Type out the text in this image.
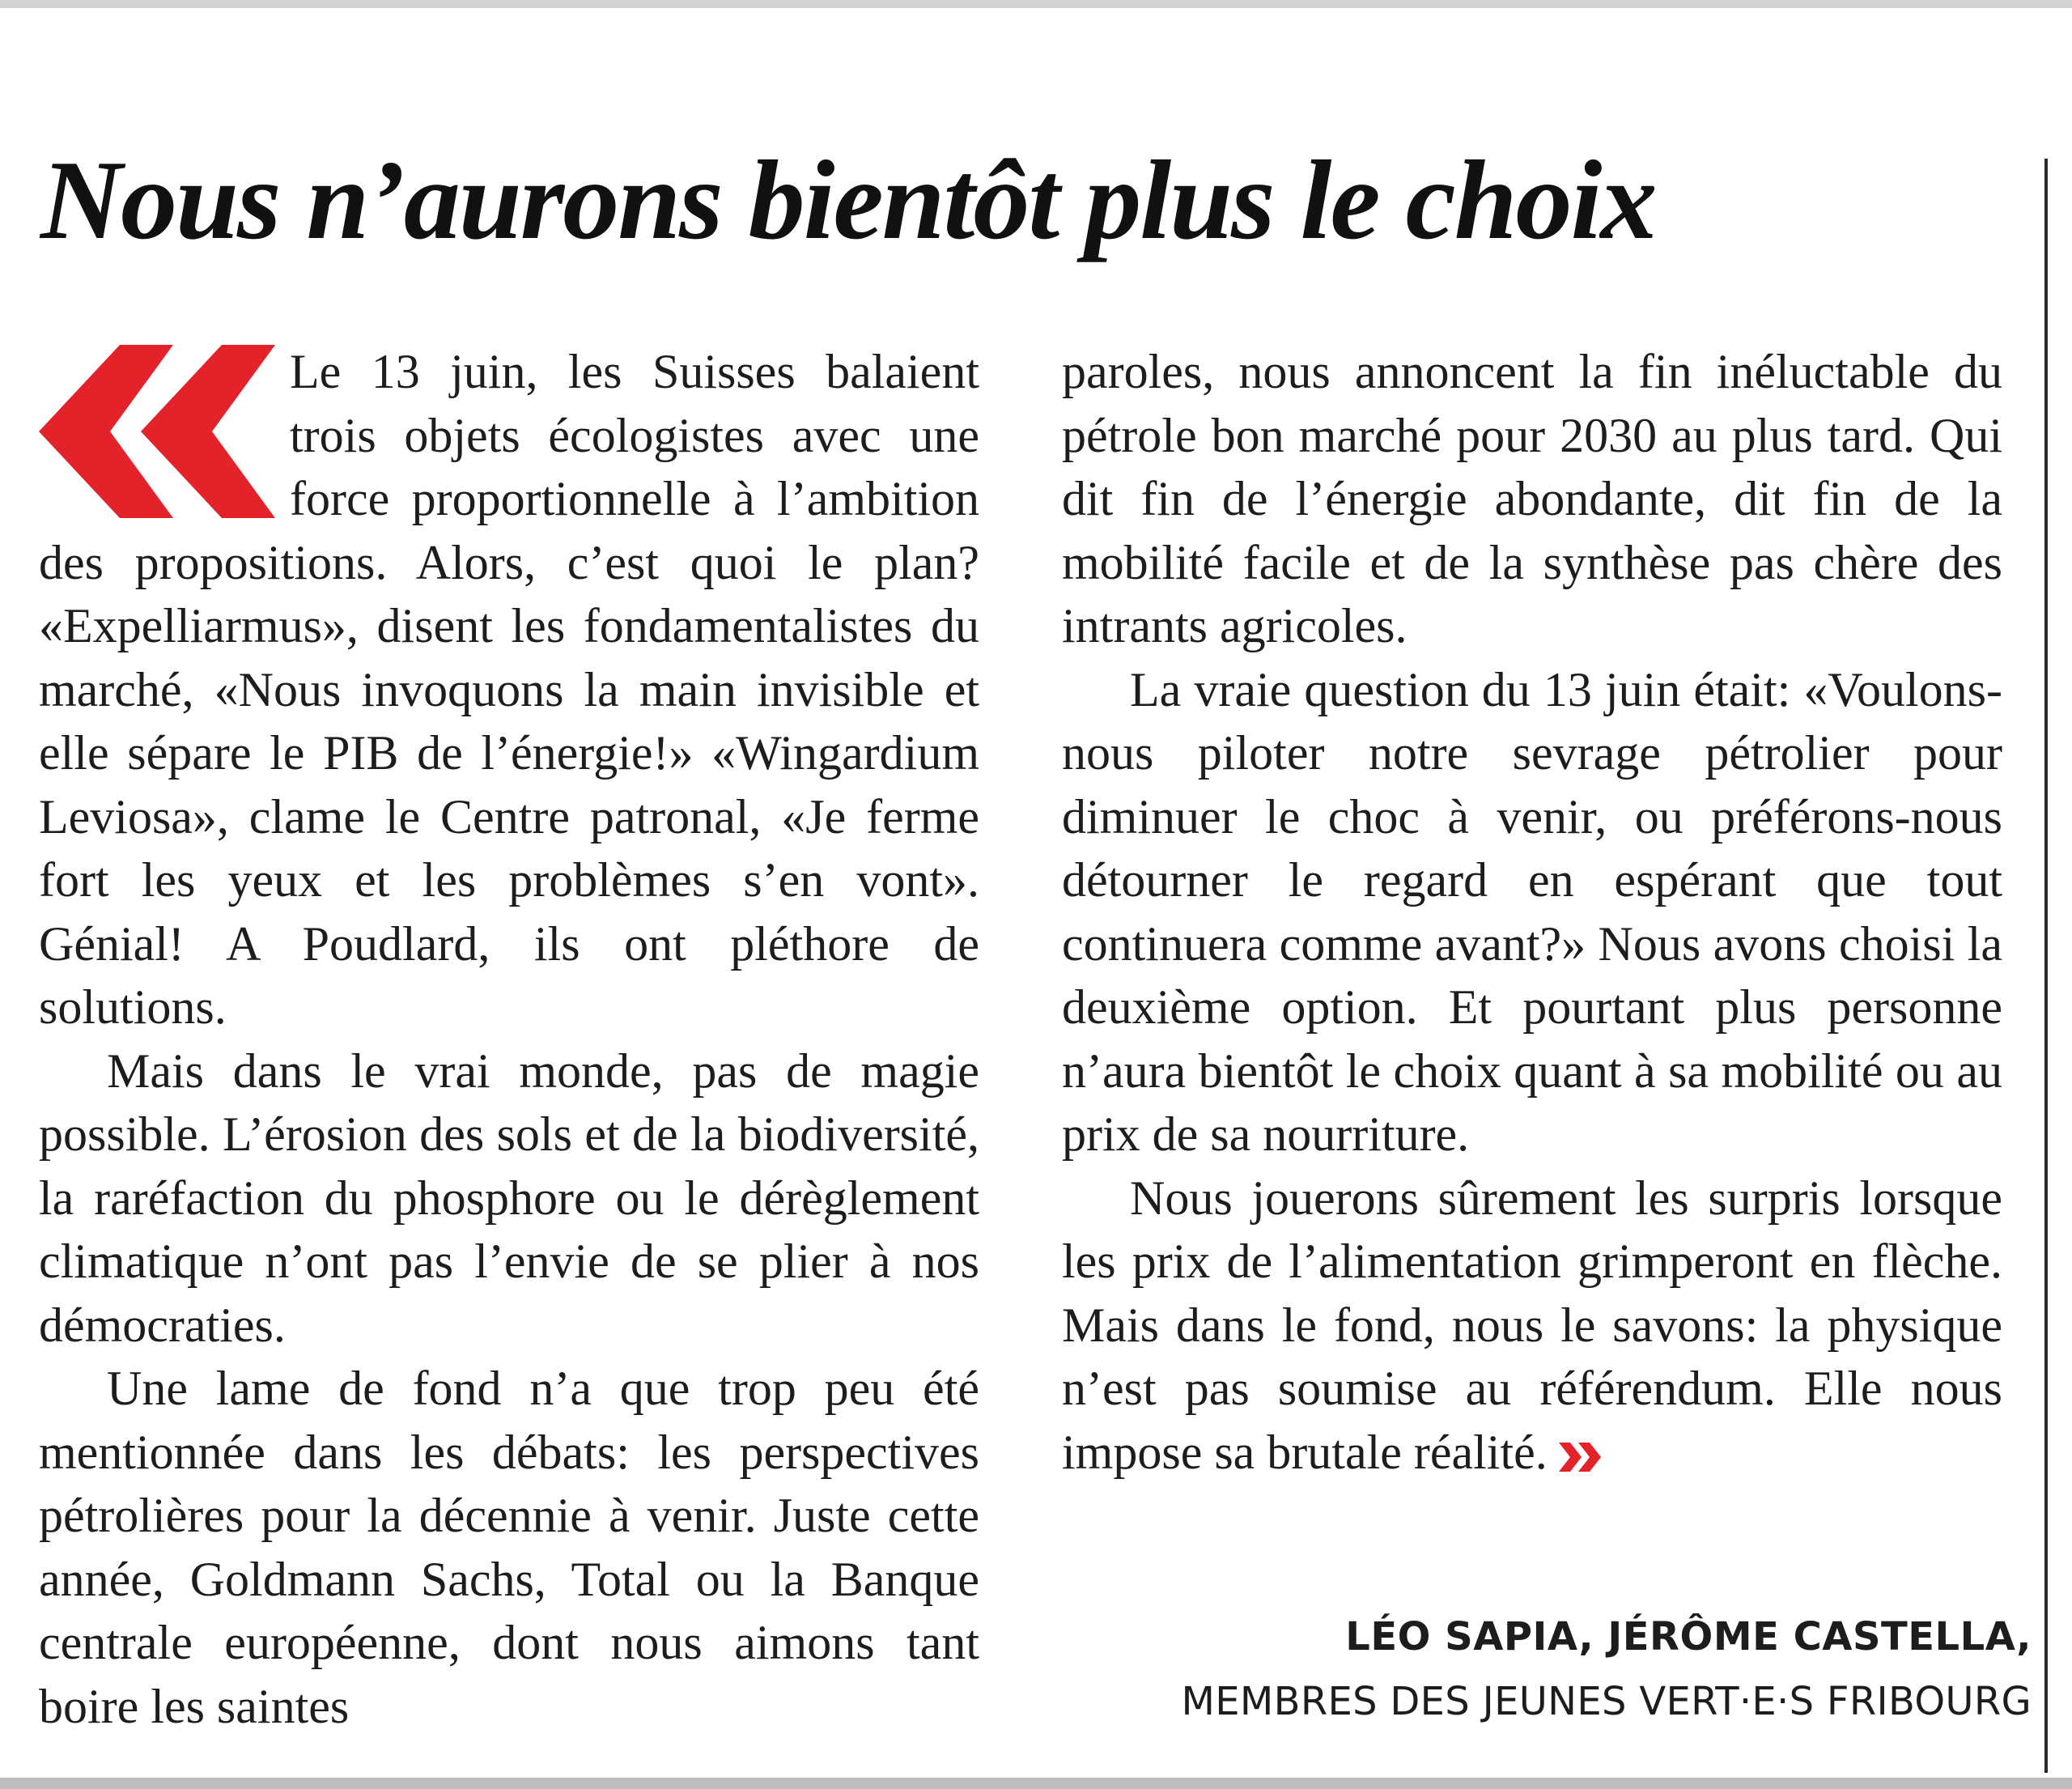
Nous n’aurons bientôt plus le choix

Le 13 juin, les Suisses balaient trois objets écologistes avec une force proportionnelle à l’ambition des propositions. Alors, c’est quoi le plan? «Expelliarmus», disent les fondamentalistes du marché, «Nous invoquons la main invisible et elle sépare le PIB de l’énergie!» «Wingardium Leviosa», clame le Centre patronal, «Je ferme fort les yeux et les problèmes s’en vont». Génial! A Poudlard, ils ont pléthore de solutions.

Mais dans le vrai monde, pas de magie possible. L’érosion des sols et de la biodiversité, la raréfaction du phosphore ou le dérèglement climatique n’ont pas l’envie de se plier à nos démocraties.

Une lame de fond n’a que trop peu été mentionnée dans les débats: les perspectives pétrolières pour la décennie à venir. Juste cette année, Goldmann Sachs, Total ou la Banque centrale européenne, dont nous aimons tant boire les saintes

paroles, nous annoncent la fin inéluctable du pétrole bon marché pour 2030 au plus tard. Qui dit fin de l’énergie abondante, dit fin de la mobilité facile et de la synthèse pas chère des intrants agricoles.

La vraie question du 13 juin était: «Voulons-nous piloter notre sevrage pétrolier pour diminuer le choc à venir, ou préférons-nous détourner le regard en espérant que tout continuera comme avant?» Nous avons choisi la deuxième option. Et pourtant plus personne n’aura bientôt le choix quant à sa mobilité ou au prix de sa nourriture.

Nous jouerons sûrement les surpris lorsque les prix de l’alimentation grimperont en flèche. Mais dans le fond, nous le savons: la physique n’est pas soumise au référendum. Elle nous impose sa brutale réalité.

LÉO SAPIA, JÉRÔME CASTELLA,
MEMBRES DES JEUNES VERT·E·S FRIBOURG
